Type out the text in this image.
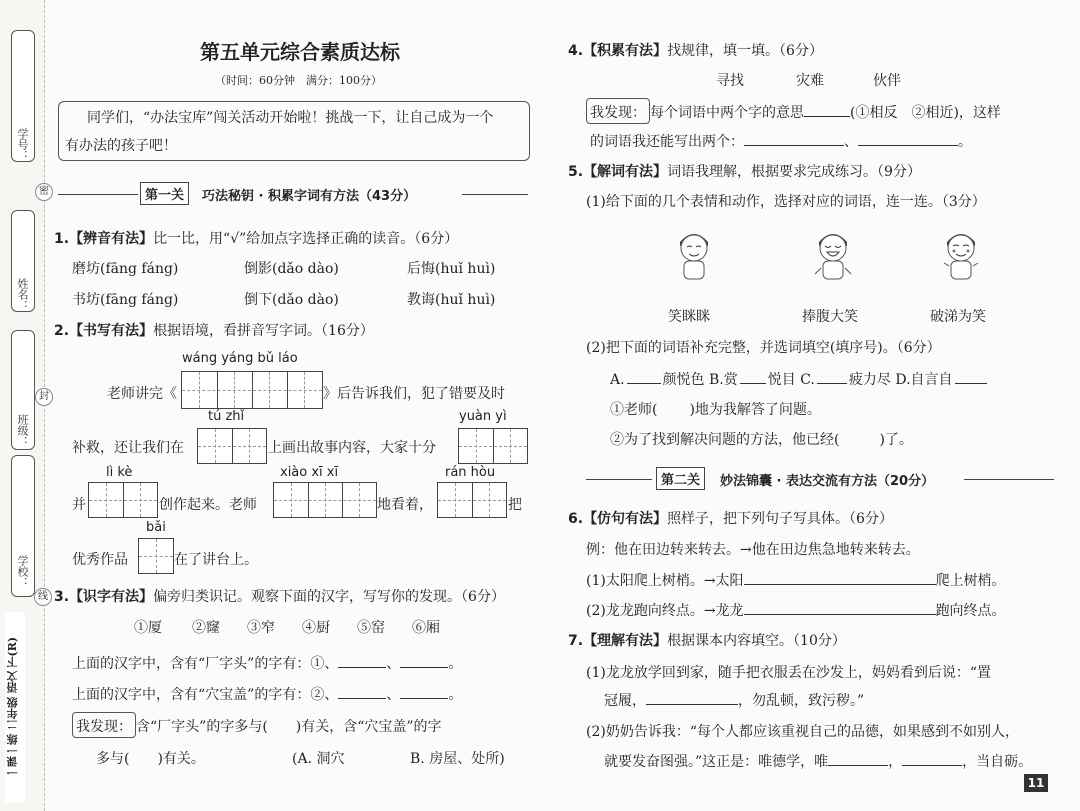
学号：
姓名：
班级：
学校：
密
封
线
一课一练 二年级 语文 下(R)
第五单元综合素质达标
（时间：60分钟　满分：100分）
同学们，“办法宝库”闯关活动开始啦！挑战一下，让自己成为一个
有办法的孩子吧！
第一关	巧法秘钥 · 积累字词有方法（43分）
1.【辨音有法】比一比，用“√”给加点字选择正确的读音。（6分）
磨坊(fāng fáng)	倒影(dǎo dào)	后悔(huǐ huì)
书坊(fāng fáng)	倒下(dǎo dào)	教诲(huǐ huì)
2.【书写有法】根据语境，看拼音写字词。（16分）
wáng yáng bǔ láo
tú zhǐ	yuàn yì
lì kè	xiào xī xī	rán hòu
bǎi
老师讲完《	》后告诉我们，犯了错要及时
补救，还让我们在	上画出故事内容，大家十分
并	创作起来。老师	地看着，	把
优秀作品	在了讲台上。
3.【识字有法】偏旁归类识记。观察下面的汉字，写写你的发现。（6分）
①厦 ②窿 ③窄 ④厨 ⑤窑 ⑥厢
上面的汉字中，含有“厂字头”的字有：①、	、	。
上面的汉字中，含有“穴宝盖”的字有：②、	、	。
我发现： 含“厂字头”的字多与( )有关，含“穴宝盖”的字
多与( )有关。	(A. 洞穴	B. 房屋、处所)
4.【积累有法】找规律，填一填。（6分）
寻找	灾难	伙伴
我发现： 每个词语中两个字的意思	(①相反　②相近)，这样
的词语我还能写出两个：	、	。
5.【解词有法】词语我理解，根据要求完成练习。（9分）
(1)给下面的几个表情和动作，选择对应的词语，连一连。（3分）
笑眯眯	捧腹大笑	破涕为笑
(2)把下面的词语补充完整，并选词填空(填序号)。（6分）
A.	颜悦色 B.赏 悦目 C. 疲力尽 D.自言自
①老师( )地为我解答了问题。
②为了找到解决问题的方法，他已经(	)了。
第二关	妙法锦囊 · 表达交流有方法（20分）
6.【仿句有法】照样子，把下列句子写具体。（6分）
例：他在田边转来转去。→他在田边焦急地转来转去。
(1)太阳爬上树梢。→太阳	爬上树梢。
(2)龙龙跑向终点。→龙龙	跑向终点。
7.【理解有法】根据课本内容填空。（10分）
(1)龙龙放学回到家，随手把衣服丢在沙发上，妈妈看到后说：“置
冠履，	，勿乱顿，致污秽。”
(2)奶奶告诉我：“每个人都应该重视自己的品德，如果感到不如别人，
就要发奋图强。”这正是：唯德学，唯	，	，当自砺。
11
